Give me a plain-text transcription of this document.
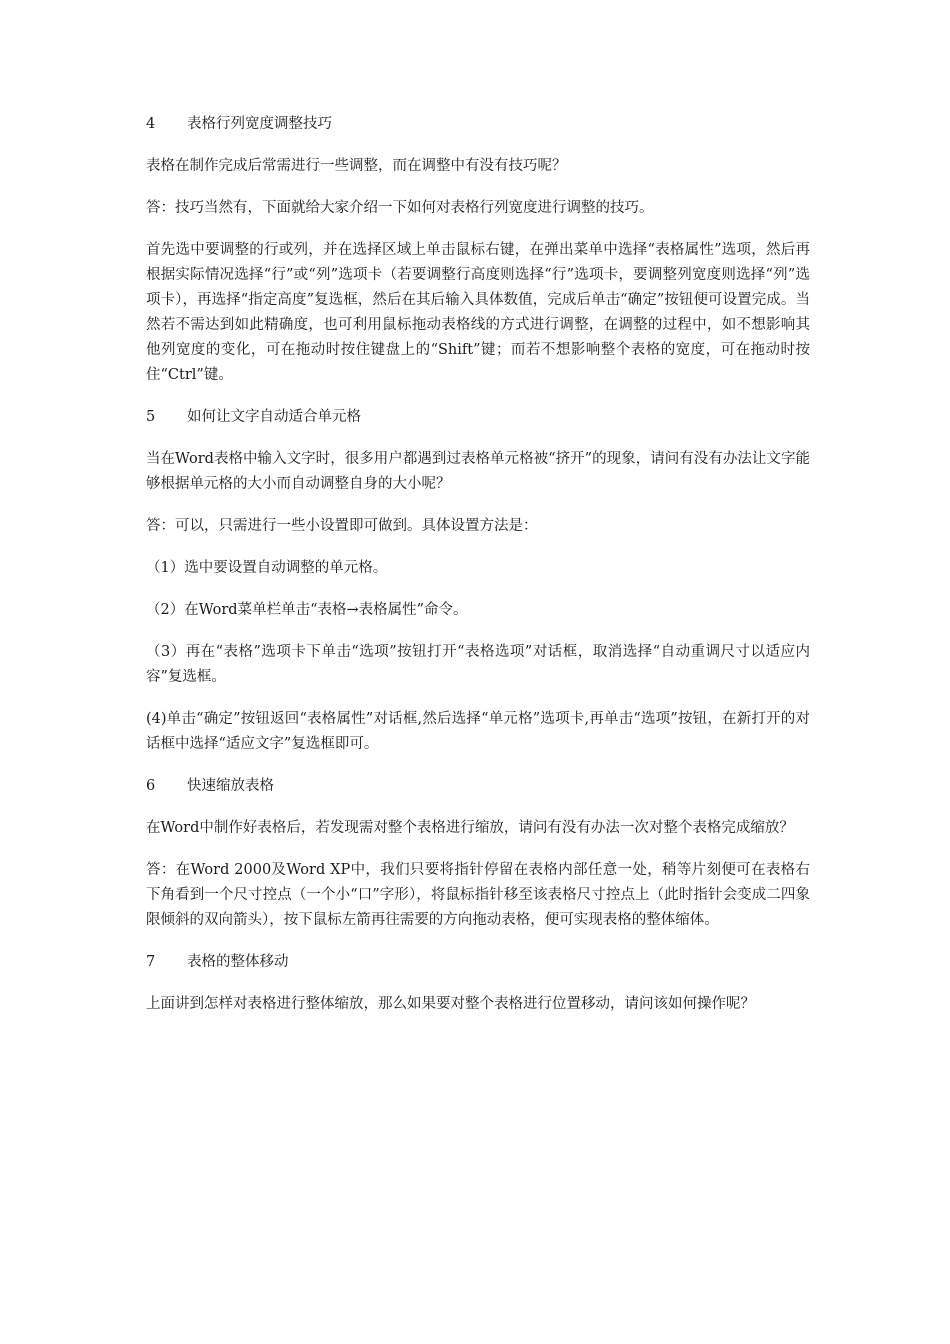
4	表格行列宽度调整技巧
表格在制作完成后常需进行一些调整，而在调整中有没有技巧呢？
答：技巧当然有，下面就给大家介绍一下如何对表格行列宽度进行调整的技巧。
首先选中要调整的行或列，并在选择区域上单击鼠标右键，在弹出菜单中选择“表格属性”选项，然后再根据实际情况选择“行”或“列”选项卡（若要调整行高度则选择“行”选项卡，要调整列宽度则选择“列”选项卡），再选择“指定高度”复选框，然后在其后输入具体数值，完成后单击“确定”按钮便可设置完成。当然若不需达到如此精确度，也可利用鼠标拖动表格线的方式进行调整，在调整的过程中，如不想影响其他列宽度的变化，可在拖动时按住键盘上的“Shift”键；而若不想影响整个表格的宽度，可在拖动时按住“Ctrl”键。
5	如何让文字自动适合单元格
当在Word表格中输入文字时，很多用户都遇到过表格单元格被“挤开”的现象，请问有没有办法让文字能够根据单元格的大小而自动调整自身的大小呢？
答：可以，只需进行一些小设置即可做到。具体设置方法是：
（1）选中要设置自动调整的单元格。
（2）在Word菜单栏单击“表格→表格属性”命令。
（3）再在“表格”选项卡下单击“选项”按钮打开“表格选项”对话框，取消选择“自动重调尺寸以适应内容”复选框。
(4)单击“确定”按钮返回“表格属性”对话框,然后选择“单元格”选项卡,再单击“选项”按钮，在新打开的对话框中选择“适应文字”复选框即可。
6	快速缩放表格
在Word中制作好表格后，若发现需对整个表格进行缩放，请问有没有办法一次对整个表格完成缩放？
答：在Word 2000及Word XP中，我们只要将指针停留在表格内部任意一处，稍等片刻便可在表格右下角看到一个尺寸控点（一个小“口”字形），将鼠标指针移至该表格尺寸控点上（此时指针会变成二四象限倾斜的双向箭头），按下鼠标左箭再往需要的方向拖动表格，便可实现表格的整体缩体。
7	表格的整体移动
上面讲到怎样对表格进行整体缩放，那么如果要对整个表格进行位置移动，请问该如何操作呢？
